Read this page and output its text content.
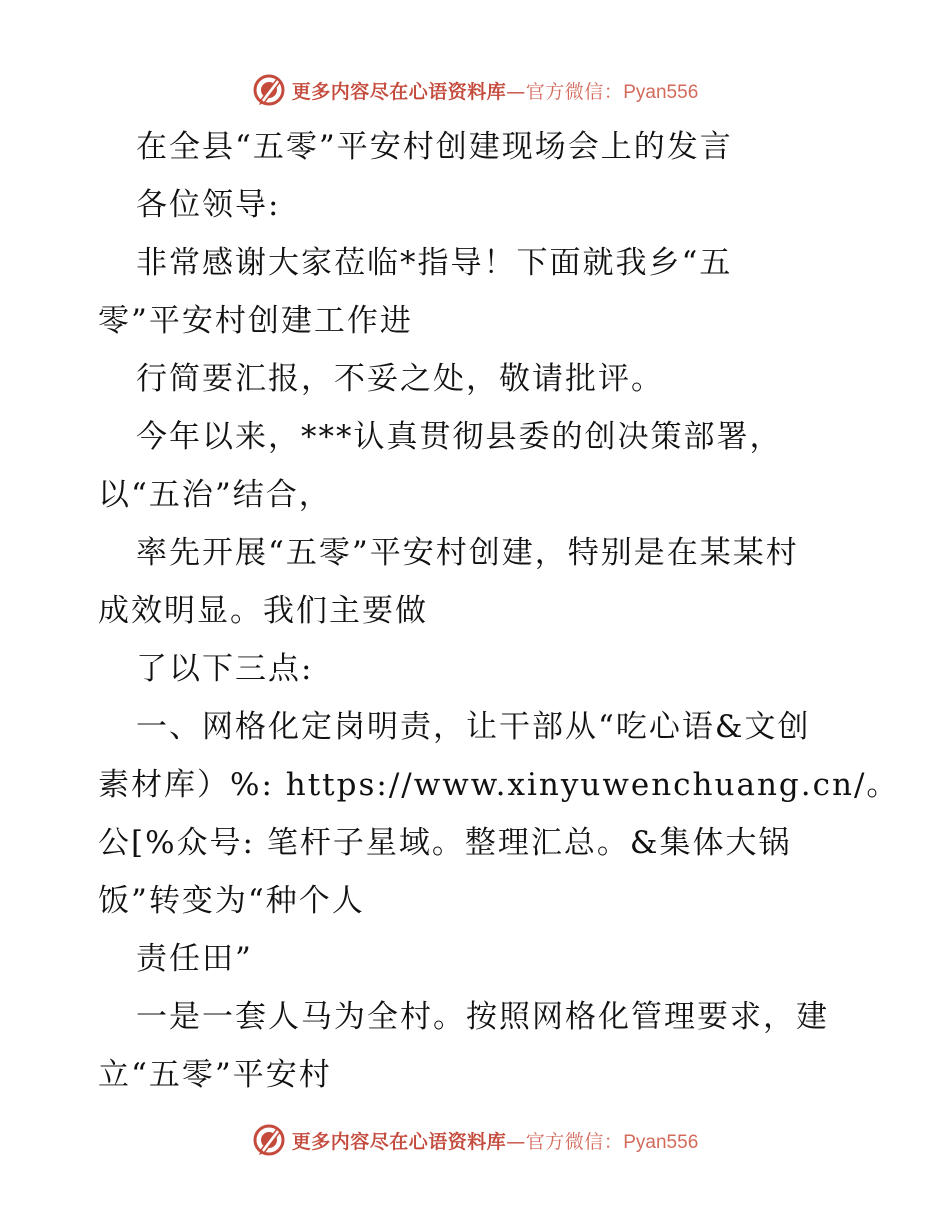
更多内容尽在心语资料库—官方微信：Pyan556
在全县“五零”平安村创建现场会上的发言
各位领导:
非常感谢大家莅临*指导！下面就我乡“五
零”平安村创建工作进
行简要汇报，不妥之处，敬请批评。
今年以来，***认真贯彻县委的创决策部署，
以“五治”结合，
率先开展“五零”平安村创建，特别是在某某村
成效明显。我们主要做
了以下三点:
一、网格化定岗明责，让干部从“吃心语&文创
素材库）%: https://www.xinyuwenchuang.cn/。
公[%众号: 笔杆子星域。整理汇总。&集体大锅
饭”转变为“种个人
责任田”
一是一套人马为全村。按照网格化管理要求，建
立“五零”平安村
更多内容尽在心语资料库—官方微信：Pyan556
